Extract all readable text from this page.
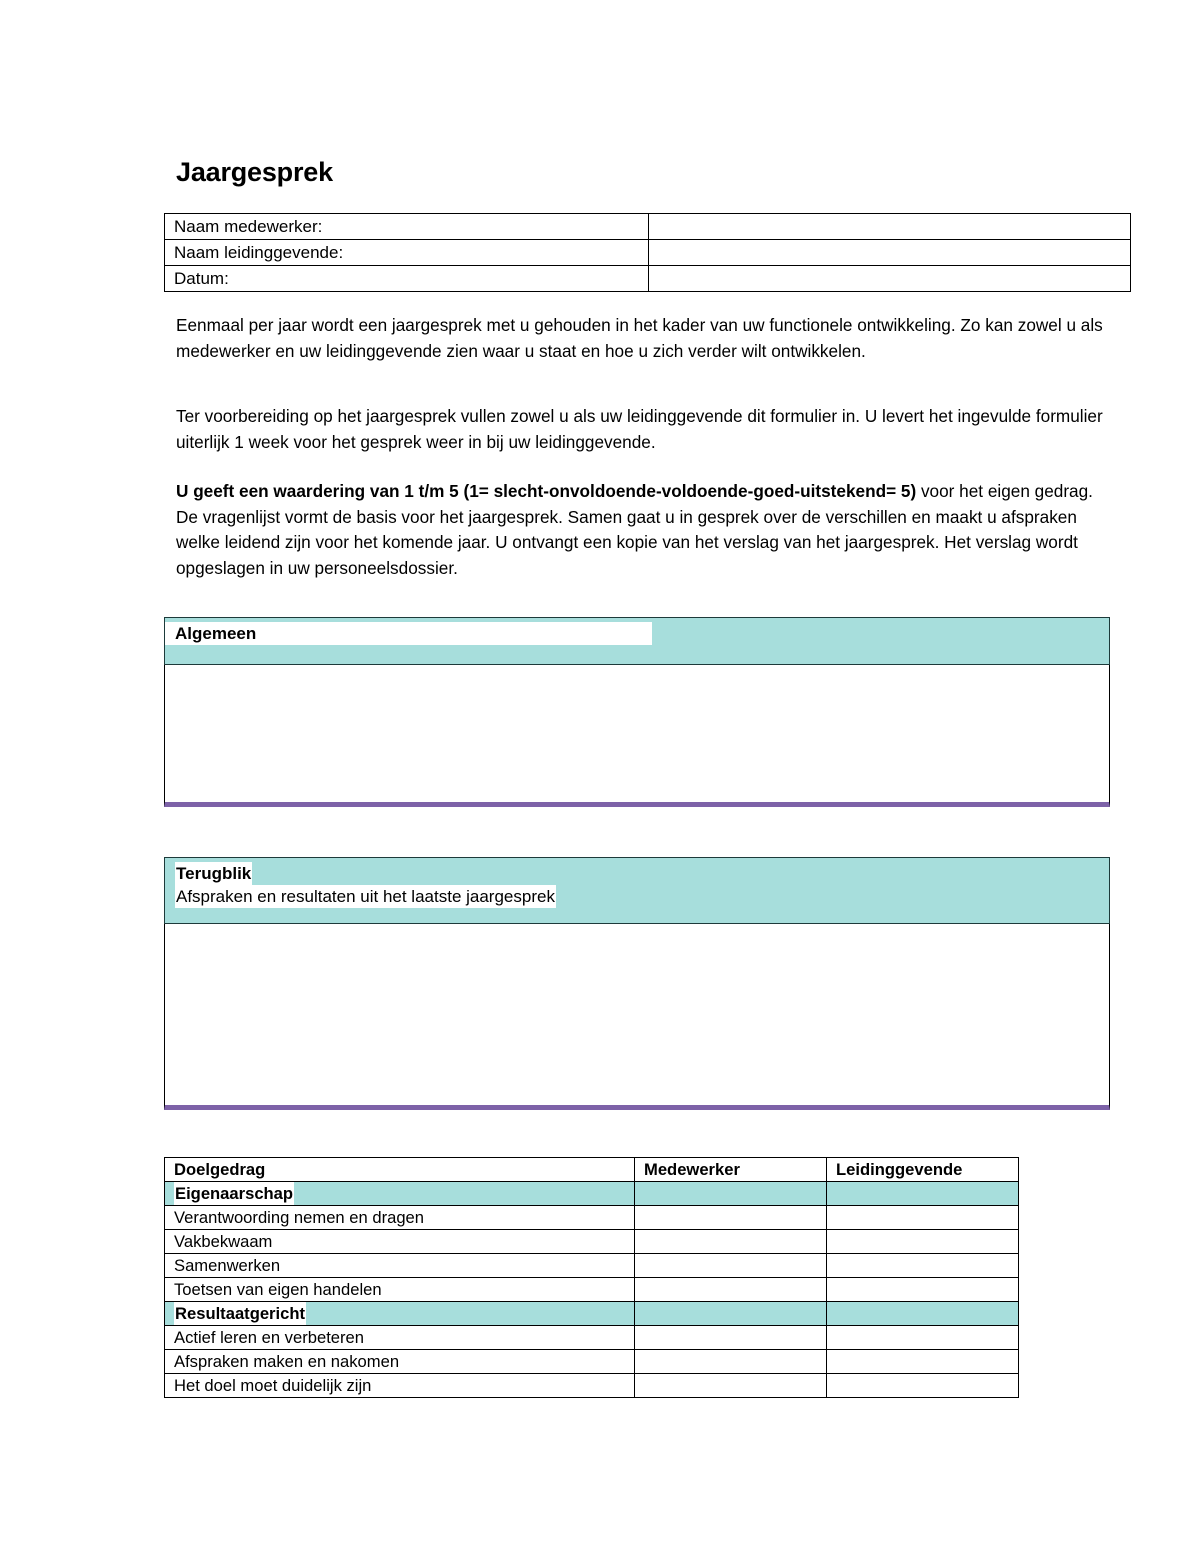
Jaargesprek
Naam medewerker:	
Naam leidinggevende:	
Datum:	
Eenmaal per jaar wordt een jaargesprek met u gehouden in het kader van uw functionele ontwikkeling. Zo kan zowel u als medewerker en uw leidinggevende zien waar u staat en hoe u zich verder wilt ontwikkelen.
Ter voorbereiding op het jaargesprek vullen zowel u als uw leidinggevende dit formulier in. U levert het ingevulde formulier uiterlijk 1 week voor het gesprek weer in bij uw leidinggevende.
U geeft een waardering van 1 t/m 5 (1= slecht-onvoldoende-voldoende-goed-uitstekend= 5) voor het eigen gedrag. De vragenlijst vormt de basis voor het jaargesprek. Samen gaat u in gesprek over de verschillen en maakt u afspraken welke leidend zijn voor het komende jaar. U ontvangt een kopie van het verslag van het jaargesprek. Het verslag wordt opgeslagen in uw personeelsdossier.
Algemeen
Terugblik
Afspraken en resultaten uit het laatste jaargesprek
Doelgedrag	Medewerker	Leidinggevende
Eigenaarschap		
Verantwoording nemen en dragen		
Vakbekwaam		
Samenwerken		
Toetsen van eigen handelen		
Resultaatgericht		
Actief leren en verbeteren		
Afspraken maken en nakomen		
Het doel moet duidelijk zijn		
